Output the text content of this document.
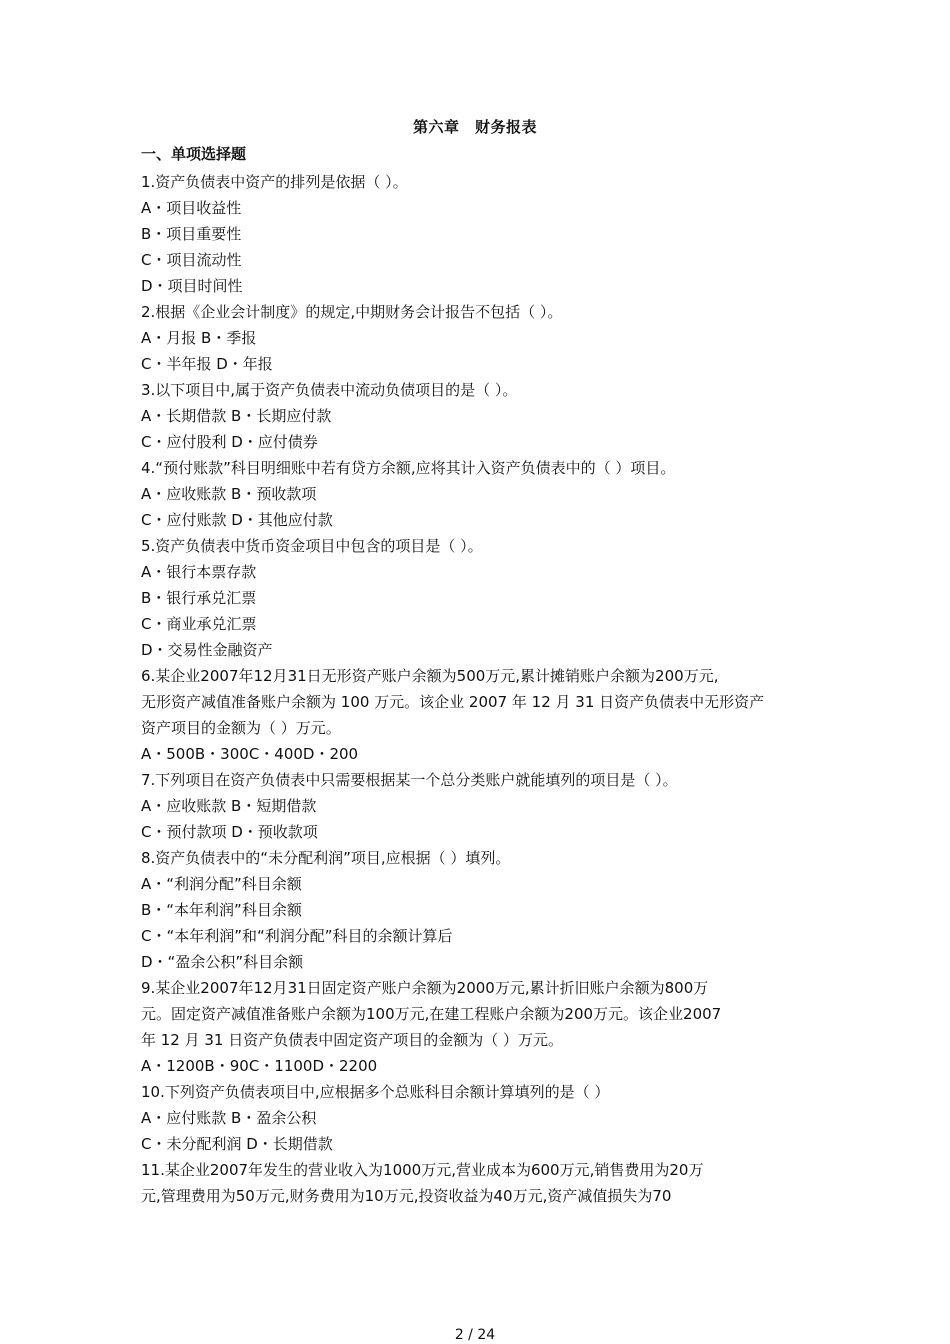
第六章　财务报表
一、单项选择题
1.资产负债表中资产的排列是依据（ ）。
A・项目收益性
B・项目重要性
C・项目流动性
D・项目时间性
2.根据《企业会计制度》的规定,中期财务会计报告不包括（ ）。
A・月报 B・季报
C・半年报 D・年报
3.以下项目中,属于资产负债表中流动负债项目的是（ ）。
A・长期借款 B・长期应付款
C・应付股利 D・应付债券
4.“预付账款”科目明细账中若有贷方余额,应将其计入资产负债表中的（ ）项目。
A・应收账款 B・预收款项
C・应付账款 D・其他应付款
5.资产负债表中货币资金项目中包含的项目是（ ）。
A・银行本票存款
B・银行承兑汇票
C・商业承兑汇票
D・交易性金融资产
6.某企业2007年12月31日无形资产账户余额为500万元,累计摊销账户余额为200万元,
无形资产减值准备账户余额为 100 万元。该企业 2007 年 12 月 31 日资产负债表中无形资产
资产项目的金额为（ ）万元。
A・500B・300C・400D・200
7.下列项目在资产负债表中只需要根据某一个总分类账户就能填列的项目是（ ）。
A・应收账款 B・短期借款
C・预付款项 D・预收款项
8.资产负债表中的“未分配利润”项目,应根据（ ）填列。
A・“利润分配”科目余额
B・“本年利润”科目余额
C・“本年利润”和“利润分配”科目的余额计算后
D・“盈余公积”科目余额
9.某企业2007年12月31日固定资产账户余额为2000万元,累计折旧账户余额为800万
元。固定资产减值准备账户余额为100万元,在建工程账户余额为200万元。该企业2007
年 12 月 31 日资产负债表中固定资产项目的金额为（ ）万元。
A・1200B・90C・1100D・2200
10.下列资产负债表项目中,应根据多个总账科目余额计算填列的是（ ）
A・应付账款 B・盈余公积
C・未分配利润 D・长期借款
11.某企业2007年发生的营业收入为1000万元,营业成本为600万元,销售费用为20万
元,管理费用为50万元,财务费用为10万元,投资收益为40万元,资产减值损失为70
2 / 24
